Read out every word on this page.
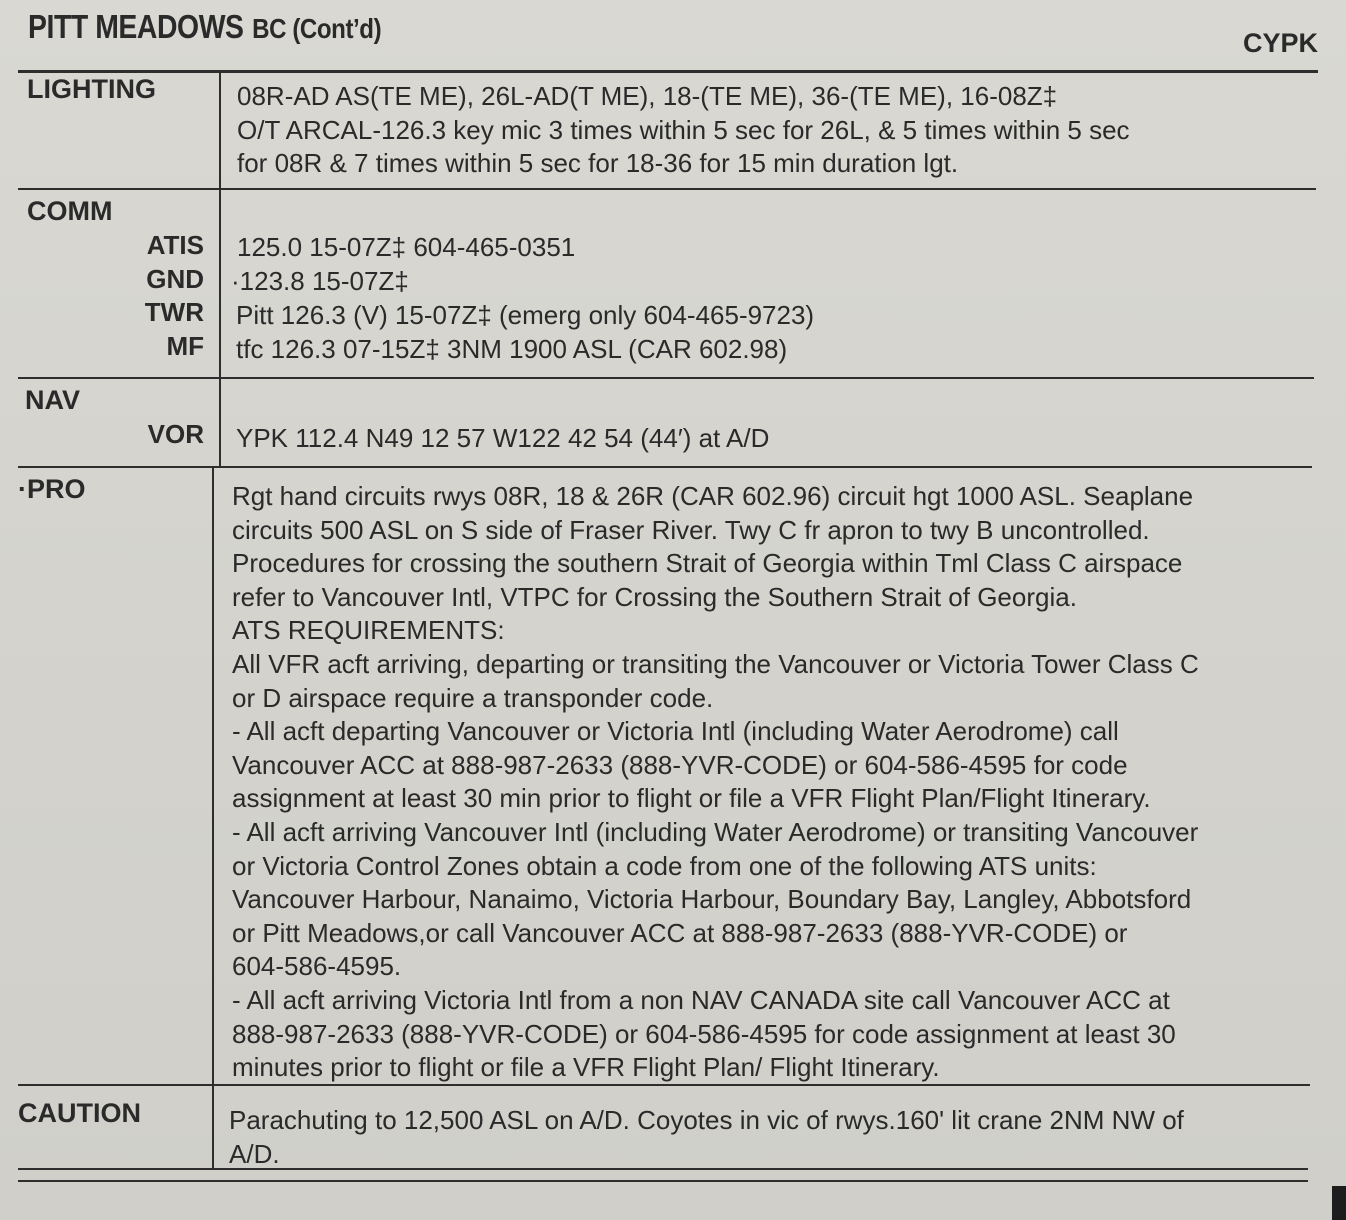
PITT MEADOWS BC (Cont’d)	CYPK
LIGHTING	08R-AD AS(TE ME), 26L-AD(T ME), 18-(TE ME), 36-(TE ME), 16-08Z‡
O/T ARCAL-126.3 key mic 3 times within 5 sec for 26L, & 5 times within 5 sec
for 08R & 7 times within 5 sec for 18-36 for 15 min duration lgt.
COMM
ATIS 125.0 15-07Z‡ 604-465-0351
GND ·123.8 15-07Z‡
TWR Pitt 126.3 (V) 15-07Z‡ (emerg only 604-465-9723)
MF tfc 126.3 07-15Z‡ 3NM 1900 ASL (CAR 602.98)
NAV
VOR YPK 112.4 N49 12 57 W122 42 54 (44′) at A/D
·PRO	Rgt hand circuits rwys 08R, 18 & 26R (CAR 602.96) circuit hgt 1000 ASL. Seaplane
circuits 500 ASL on S side of Fraser River. Twy C fr apron to twy B uncontrolled.
Procedures for crossing the southern Strait of Georgia within Tml Class C airspace
refer to Vancouver Intl, VTPC for Crossing the Southern Strait of Georgia.
ATS REQUIREMENTS:
All VFR acft arriving, departing or transiting the Vancouver or Victoria Tower Class C
or D airspace require a transponder code.
- All acft departing Vancouver or Victoria Intl (including Water Aerodrome) call
Vancouver ACC at 888-987-2633 (888-YVR-CODE) or 604-586-4595 for code
assignment at least 30 min prior to flight or file a VFR Flight Plan/Flight Itinerary.
- All acft arriving Vancouver Intl (including Water Aerodrome) or transiting Vancouver
or Victoria Control Zones obtain a code from one of the following ATS units:
Vancouver Harbour, Nanaimo, Victoria Harbour, Boundary Bay, Langley, Abbotsford
or Pitt Meadows,or call Vancouver ACC at 888-987-2633 (888-YVR-CODE) or
604-586-4595.
- All acft arriving Victoria Intl from a non NAV CANADA site call Vancouver ACC at
888-987-2633 (888-YVR-CODE) or 604-586-4595 for code assignment at least 30
minutes prior to flight or file a VFR Flight Plan/ Flight Itinerary.
CAUTION	Parachuting to 12,500 ASL on A/D. Coyotes in vic of rwys.160' lit crane 2NM NW of
A/D.
